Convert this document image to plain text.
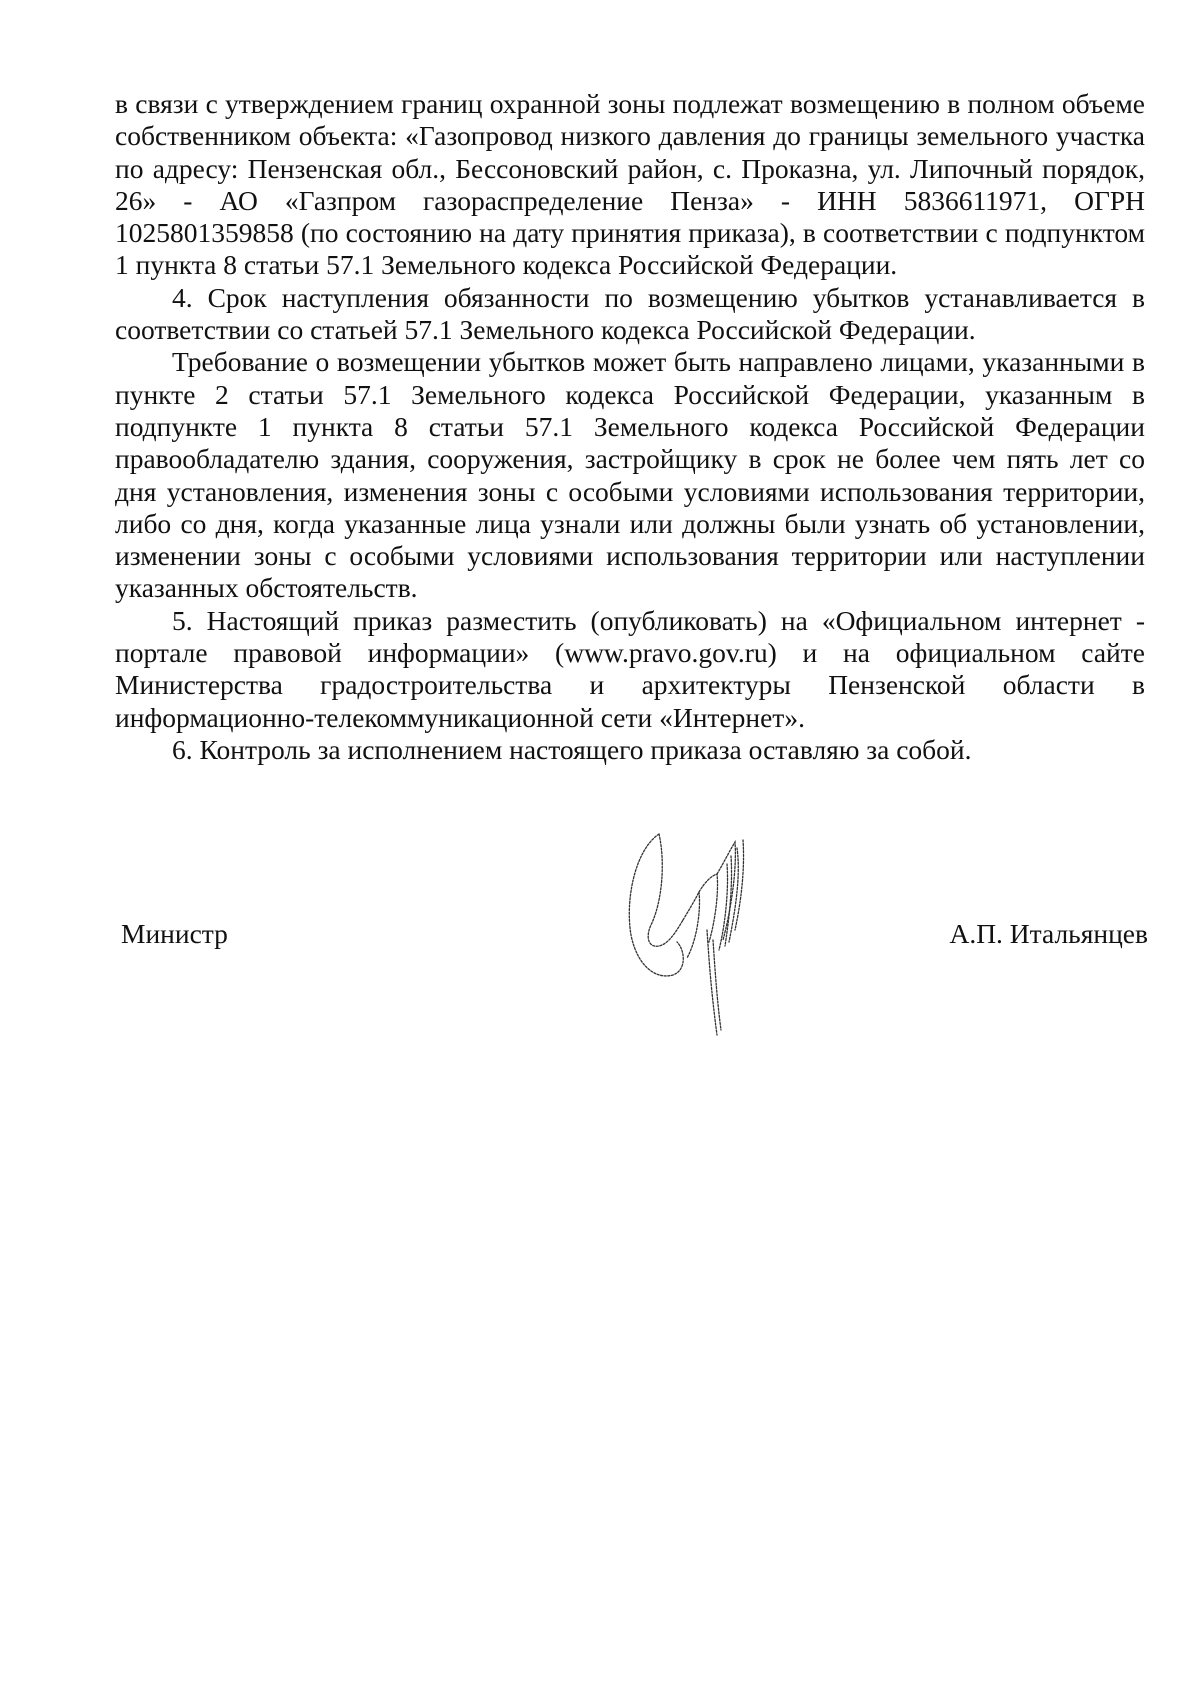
в связи с утверждением границ охранной зоны подлежат возмещению в полном объеме собственником объекта: «Газопровод низкого давления до границы земельного участка по адресу: Пензенская обл., Бессоновский район, с. Проказна, ул. Липочный порядок, 26» - АО «Газпром газораспределение Пенза» - ИНН 5836611971, ОГРН 1025801359858 (по состоянию на дату принятия приказа), в соответствии с подпунктом 1 пункта 8 статьи 57.1 Земельного кодекса Российской Федерации.

4. Срок наступления обязанности по возмещению убытков устанавливается в соответствии со статьей 57.1 Земельного кодекса Российской Федерации.

Требование о возмещении убытков может быть направлено лицами, указанными в пункте 2 статьи 57.1 Земельного кодекса Российской Федерации, указанным в подпункте 1 пункта 8 статьи 57.1 Земельного кодекса Российской Федерации правообладателю здания, сооружения, застройщику в срок не более чем пять лет со дня установления, изменения зоны с особыми условиями использования территории, либо со дня, когда указанные лица узнали или должны были узнать об установлении, изменении зоны с особыми условиями использования территории или наступлении указанных обстоятельств.

5. Настоящий приказ разместить (опубликовать) на «Официальном интернет - портале правовой информации» (www.pravo.gov.ru) и на официальном сайте Министерства градостроительства и архитектуры Пензенской области в информационно-телекоммуникационной сети «Интернет».

6. Контроль за исполнением настоящего приказа оставляю за собой.

Министр	А.П. Итальянцев
